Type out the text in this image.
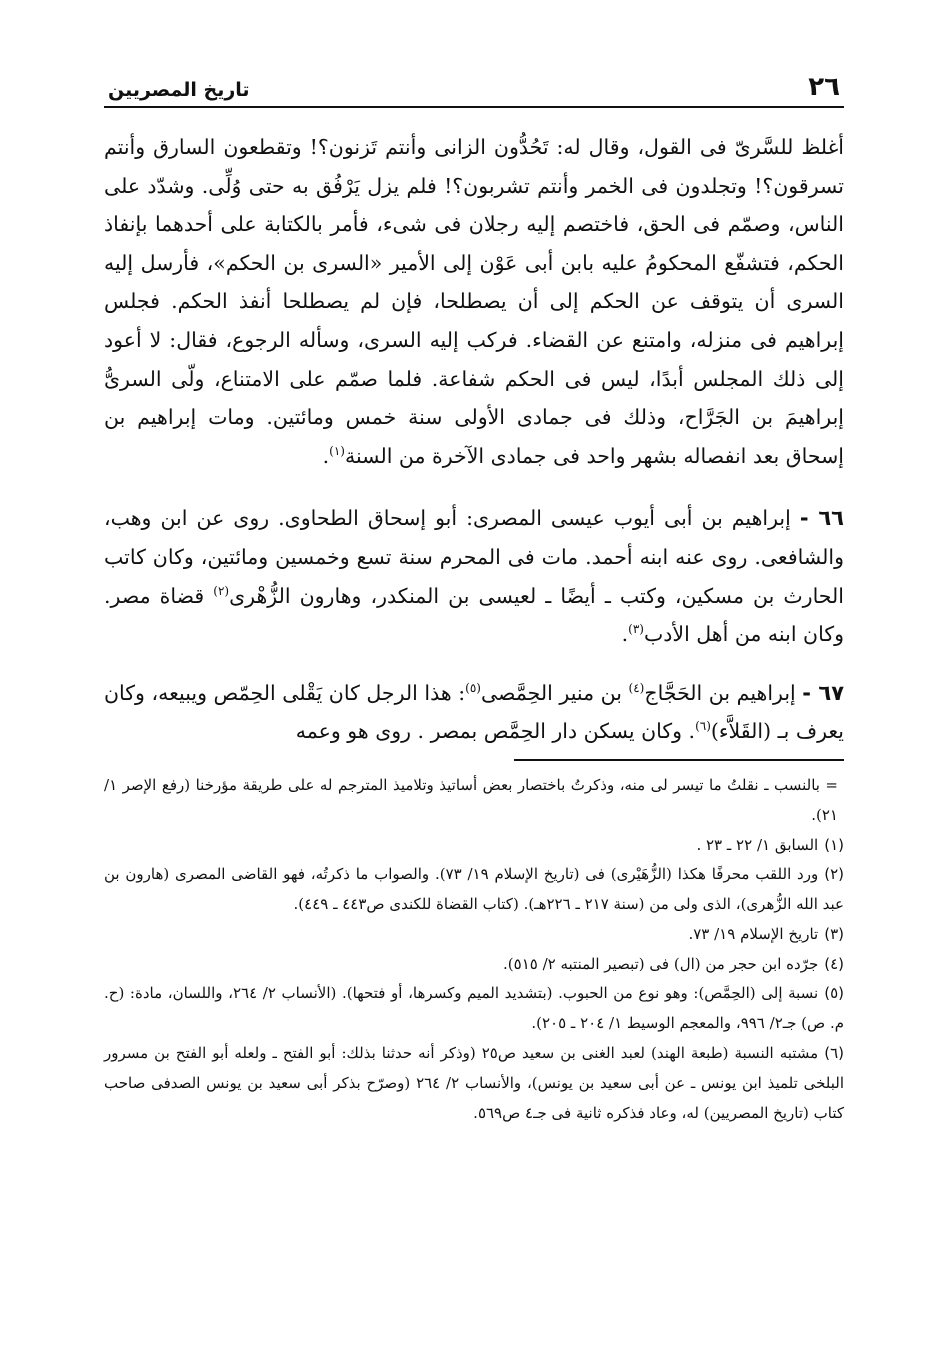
٢٦
تاريخ المصريين

أغلظ للسَّرىّ فى القول، وقال له: تَحُدُّون الزانى وأنتم تَزنون؟! وتقطعون السارق وأنتم تسرقون؟! وتجلدون فى الخمر وأنتم تشربون؟! فلم يزل يَرْفُق به حتى وُلِّى. وشدّد على الناس، وصمّم فى الحق، فاختصم إليه رجلان فى شىء، فأمر بالكتابة على أحدهما بإنفاذ الحكم، فتشفّع المحكومُ عليه بابن أبى عَوْن إلى الأمير «السرى بن الحكم»، فأرسل إليه السرى أن يتوقف عن الحكم إلى أن يصطلحا، فإن لم يصطلحا أنفذ الحكم. فجلس إبراهيم فى منزله، وامتنع عن القضاء. فركب إليه السرى، وسأله الرجوع، فقال: لا أعود إلى ذلك المجلس أبدًا، ليس فى الحكم شفاعة. فلما صمّم على الامتناع، ولّى السرىُّ إبراهيمَ بن الجَرَّاح، وذلك فى جمادى الأولى سنة خمس ومائتين. ومات إبراهيم بن إسحاق بعد انفصاله بشهر واحد فى جمادى الآخرة من السنة$^{(١)}$.

٦٦ - إبراهيم بن أبى أيوب عيسى المصرى: أبو إسحاق الطحاوى. روى عن ابن وهب، والشافعى. روى عنه ابنه أحمد. مات فى المحرم سنة تسع وخمسين ومائتين، وكان كاتب الحارث بن مسكين، وكتب ـ أيضًا ـ لعيسى بن المنكدر، وهارون الزُّهْرى$^{(٢)}$ قضاة مصر. وكان ابنه من أهل الأدب$^{(٣)}$.

٦٧ - إبراهيم بن الحَجَّاج$^{(٤)}$ بن منير الحِمَّصى$^{(٥)}$: هذا الرجل كان يَقْلى الحِمّص ويبيعه، وكان يعرف بـ (القَلاَّء)$^{(٦)}$. وكان يسكن دار الحِمَّص بمصر . روى هو وعمه

= بالنسب ـ نقلتُ ما تيسر لى منه، وذكرتُ باختصار بعض أساتيذ وتلاميذ المترجم له على طريقة مؤرخنا (رفع الإصر ١/ ٢١).

(١)السابق ١/ ٢٢ ـ ٢٣ .

(٢)ورد اللقب محرفًا هكذا (الزُّهَيْرى) فى (تاريخ الإسلام ١٩/ ٧٣). والصواب ما ذكرتُه، فهو القاضى المصرى (هارون بن عبد الله الزُّهرى)، الذى ولى من (سنة ٢١٧ ـ ٢٢٦هـ). (كتاب القضاة للكندى ص٤٤٣ ـ ٤٤٩).

(٣)تاريخ الإسلام ١٩/ ٧٣.

(٤)جرّده ابن حجر من (ال) فى (تبصير المنتبه ٢/ ٥١٥).

(٥)نسبة إلى (الحِمَّص): وهو نوع من الحبوب. (بتشديد الميم وكسرها، أو فتحها). (الأنساب ٢/ ٢٦٤، واللسان، مادة: (ح. م. ص) جـ٢/ ٩٩٦، والمعجم الوسيط ١/ ٢٠٤ ـ ٢٠٥).

(٦)مشتبه النسبة (طبعة الهند) لعبد الغنى بن سعيد ص٢٥ (وذكر أنه حدثنا بذلك: أبو الفتح ـ ولعله أبو الفتح بن مسرور البلخى تلميذ ابن يونس ـ عن أبى سعيد بن يونس)، والأنساب ٢/ ٢٦٤ (وصرّح بذكر أبى سعيد بن يونس الصدفى صاحب كتاب (تاريخ المصريين) له، وعاد فذكره ثانية فى جـ٤ ص٥٦٩.
